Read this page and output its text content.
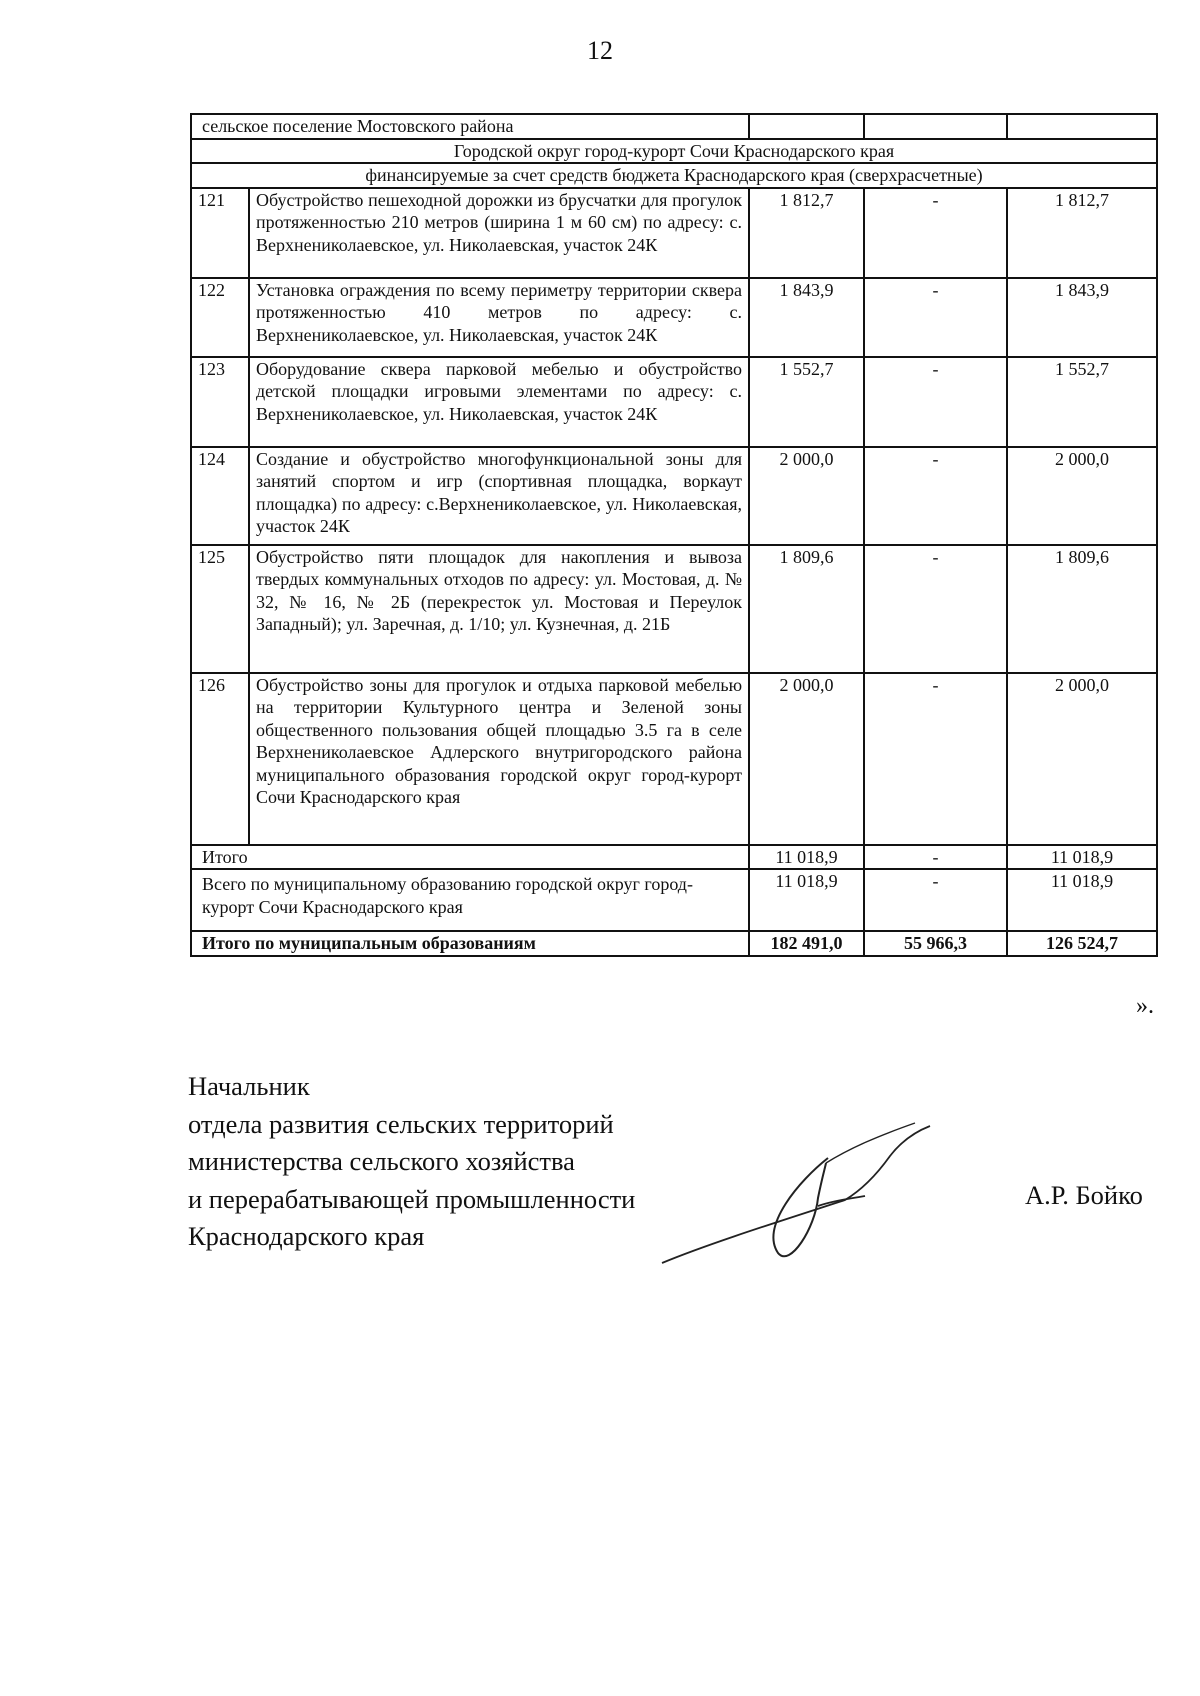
12
сельское поселение Мостовского района				
Городской округ город-курорт Сочи Краснодарского края				
финансируемые за счет средств бюджета Краснодарского края (сверхрасчетные)				
121	Обустройство пешеходной дорожки из брусчатки для прогулок протяженностью 210 метров (ширина 1 м 60 см) по адресу: с. Верхнениколаевское, ул. Николаевская, участок 24К	1 812,7	-	1 812,7
122	Установка ограждения по всему периметру территории сквера протяженностью 410 метров по адресу: с. Верхнениколаевское, ул. Николаевская, участок 24К	1 843,9	-	1 843,9
123	Оборудование сквера парковой мебелью и обустройство детской площадки игровыми элементами по адресу: с. Верхнениколаевское, ул. Николаевская, участок 24К	1 552,7	-	1 552,7
124	Создание и обустройство многофункциональной зоны для занятий спортом и игр (спортивная площадка, воркаут площадка) по адресу: с.Верхнениколаевское, ул. Николаевская, участок 24К	2 000,0	-	2 000,0
125	Обустройство пяти площадок для накопления и вывоза твердых коммунальных отходов по адресу: ул. Мостовая, д. № 32, № 16, № 2Б (перекресток ул. Мостовая и Переулок Западный); ул. Заречная, д. 1/10; ул. Кузнечная, д. 21Б	1 809,6	-	1 809,6
126	Обустройство зоны для прогулок и отдыха парковой мебелью на территории Культурного центра и Зеленой зоны общественного пользования общей площадью 3.5 га в селе Верхнениколаевское Адлерского внутригородского района муниципального образования городской округ город-курорт Сочи Краснодарского края	2 000,0	-	2 000,0
Итого		11 018,9	-	11 018,9
Всего по муниципальному образованию городской округ город-курорт Сочи Краснодарского края		11 018,9	-	11 018,9
Итого по муниципальным образованиям		182 491,0	55 966,3	126 524,7
».
Начальник
отдела развития сельских территорий
министерства сельского хозяйства
и перерабатывающей промышленности
Краснодарского края
А.Р. Бойко
